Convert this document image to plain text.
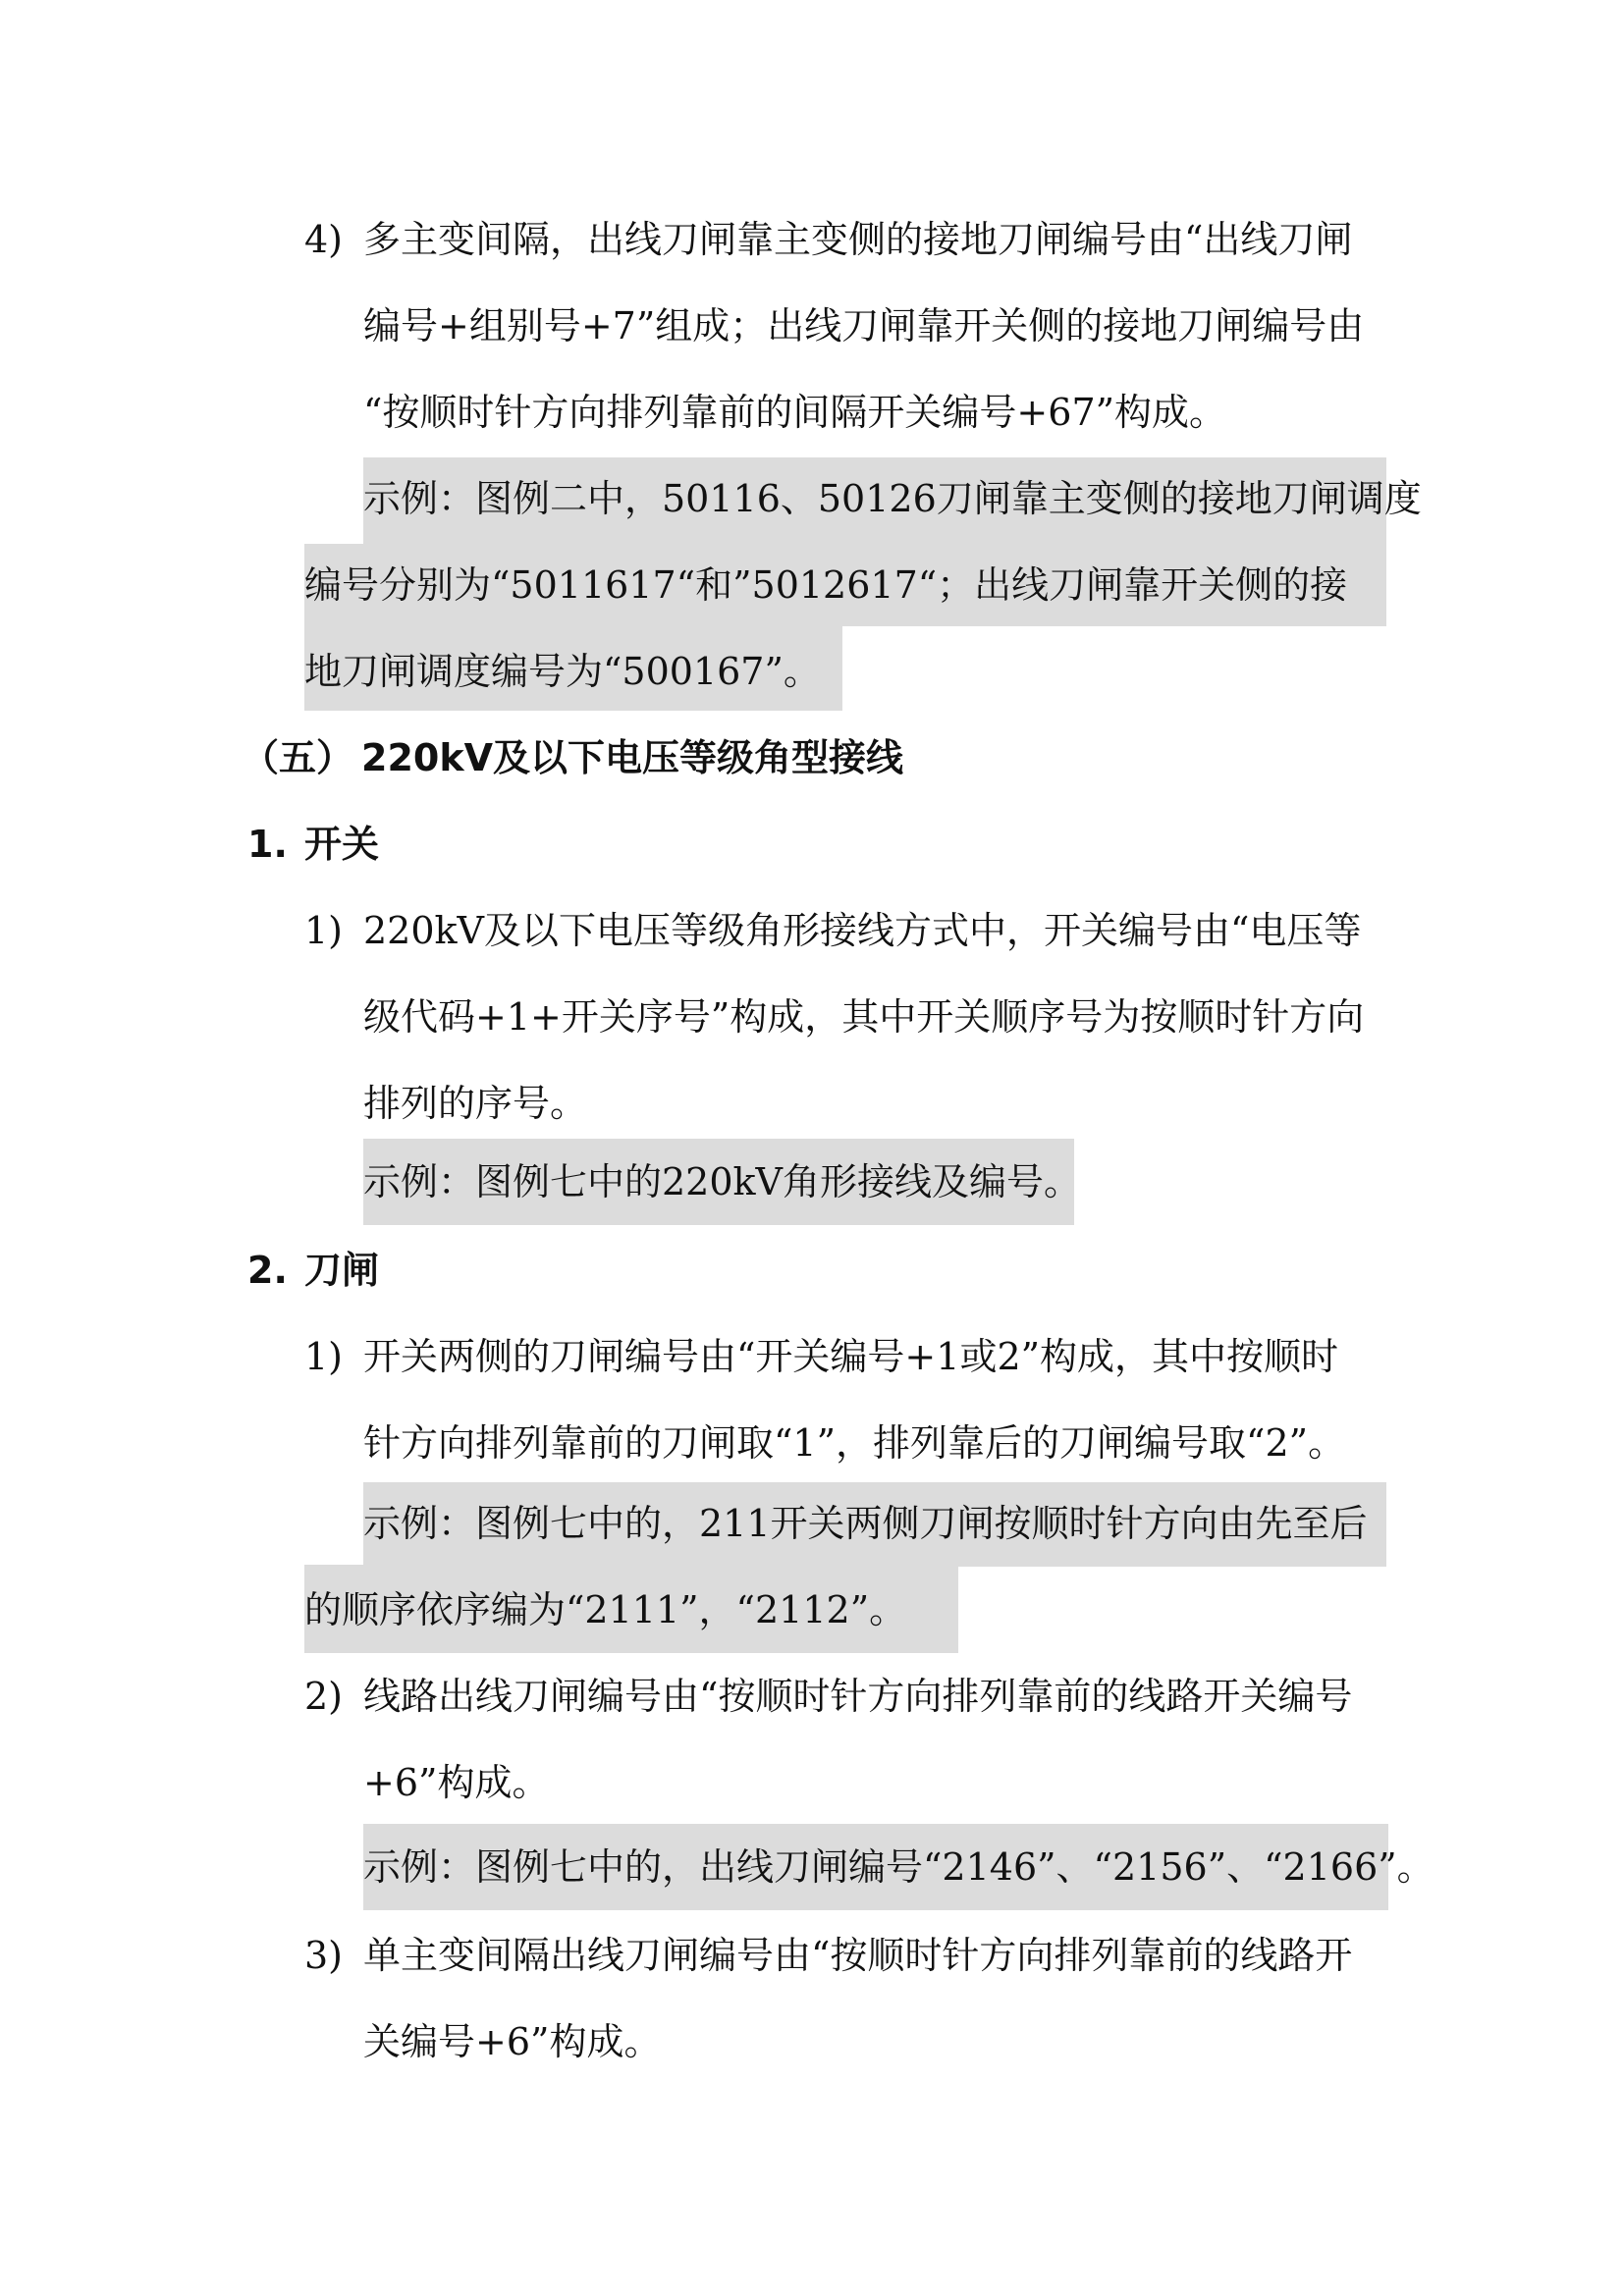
4) 多主变间隔，出线刀闸靠主变侧的接地刀闸编号由“出线刀闸
编号+组别号+7”组成；出线刀闸靠开关侧的接地刀闸编号由
“按顺时针方向排列靠前的间隔开关编号+67”构成。
示例：图例二中，50116、50126刀闸靠主变侧的接地刀闸调度
编号分别为“5011617“和”5012617“；出线刀闸靠开关侧的接
地刀闸调度编号为“500167”。
（五） 220kV及以下电压等级角型接线
1. 开关
1) 220kV及以下电压等级角形接线方式中，开关编号由“电压等
级代码+1+开关序号”构成，其中开关顺序号为按顺时针方向
排列的序号。
示例：图例七中的220kV角形接线及编号。
2. 刀闸
1) 开关两侧的刀闸编号由“开关编号+1或2”构成，其中按顺时
针方向排列靠前的刀闸取“1”，排列靠后的刀闸编号取“2”。
示例：图例七中的，211开关两侧刀闸按顺时针方向由先至后
的顺序依序编为“2111”，“2112”。
2) 线路出线刀闸编号由“按顺时针方向排列靠前的线路开关编号
+6”构成。
示例：图例七中的，出线刀闸编号“2146”、“2156”、“2166”。
3) 单主变间隔出线刀闸编号由“按顺时针方向排列靠前的线路开
关编号+6”构成。
